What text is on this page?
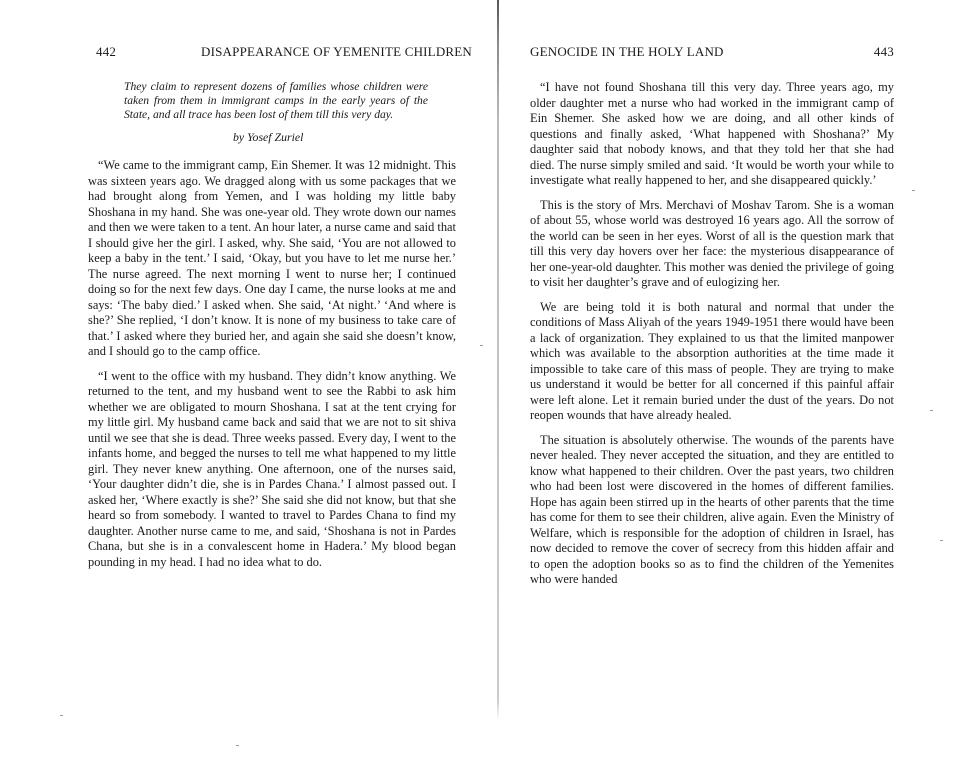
442	DISAPPEARANCE OF YEMENITE CHILDREN

They claim to represent dozens of families whose children were taken from them in immigrant camps in the early years of the State, and all trace has been lost of them till this very day.

by Yosef Zuriel

“We came to the immigrant camp, Ein Shemer. It was 12 midnight. This was sixteen years ago. We dragged along with us some packages that we had brought along from Yemen, and I was holding my little baby Shoshana in my hand. She was one-year old. They wrote down our names and then we were taken to a tent. An hour later, a nurse came and said that I should give her the girl. I asked, why. She said, ‘You are not allowed to keep a baby in the tent.’ I said, ‘Okay, but you have to let me nurse her.’ The nurse agreed. The next morning I went to nurse her; I continued doing so for the next few days. One day I came, the nurse looks at me and says: ‘The baby died.’ I asked when. She said, ‘At night.’ ‘And where is she?’ She replied, ‘I don’t know. It is none of my business to take care of that.’ I asked where they buried her, and again she said she doesn’t know, and I should go to the camp office.

“I went to the office with my husband. They didn’t know anything. We returned to the tent, and my husband went to see the Rabbi to ask him whether we are obligated to mourn Shoshana. I sat at the tent crying for my little girl. My husband came back and said that we are not to sit shiva until we see that she is dead. Three weeks passed. Every day, I went to the infants home, and begged the nurses to tell me what happened to my little girl. They never knew anything. One afternoon, one of the nurses said, ‘Your daughter didn’t die, she is in Pardes Chana.’ I almost passed out. I asked her, ‘Where exactly is she?’ She said she did not know, but that she heard so from somebody. I wanted to travel to Pardes Chana to find my daughter. Another nurse came to me, and said, ‘Shoshana is not in Pardes Chana, but she is in a convalescent home in Hadera.’ My blood began pounding in my head. I had no idea what to do.

GENOCIDE IN THE HOLY LAND	443

“I have not found Shoshana till this very day. Three years ago, my older daughter met a nurse who had worked in the immigrant camp of Ein Shemer. She asked how we are doing, and all other kinds of questions and finally asked, ‘What happened with Shoshana?’ My daughter said that nobody knows, and that they told her that she had died. The nurse simply smiled and said. ‘It would be worth your while to investigate what really happened to her, and she disappeared quickly.’

This is the story of Mrs. Merchavi of Moshav Tarom. She is a woman of about 55, whose world was destroyed 16 years ago. All the sorrow of the world can be seen in her eyes. Worst of all is the question mark that till this very day hovers over her face: the mysterious disappearance of her one-year-old daughter. This mother was denied the privilege of going to visit her daughter’s grave and of eulogizing her.

We are being told it is both natural and normal that under the conditions of Mass Aliyah of the years 1949-1951 there would have been a lack of organization. They explained to us that the limited manpower which was available to the absorption authorities at the time made it impossible to take care of this mass of people. They are trying to make us understand it would be better for all concerned if this painful affair were left alone. Let it remain buried under the dust of the years. Do not reopen wounds that have already healed.

The situation is absolutely otherwise. The wounds of the parents have never healed. They never accepted the situation, and they are entitled to know what happened to their children. Over the past years, two children who had been lost were discovered in the homes of different families. Hope has again been stirred up in the hearts of other parents that the time has come for them to see their children, alive again. Even the Ministry of Welfare, which is responsible for the adoption of children in Israel, has now decided to remove the cover of secrecy from this hidden affair and to open the adoption books so as to find the children of the Yemenites who were handed
